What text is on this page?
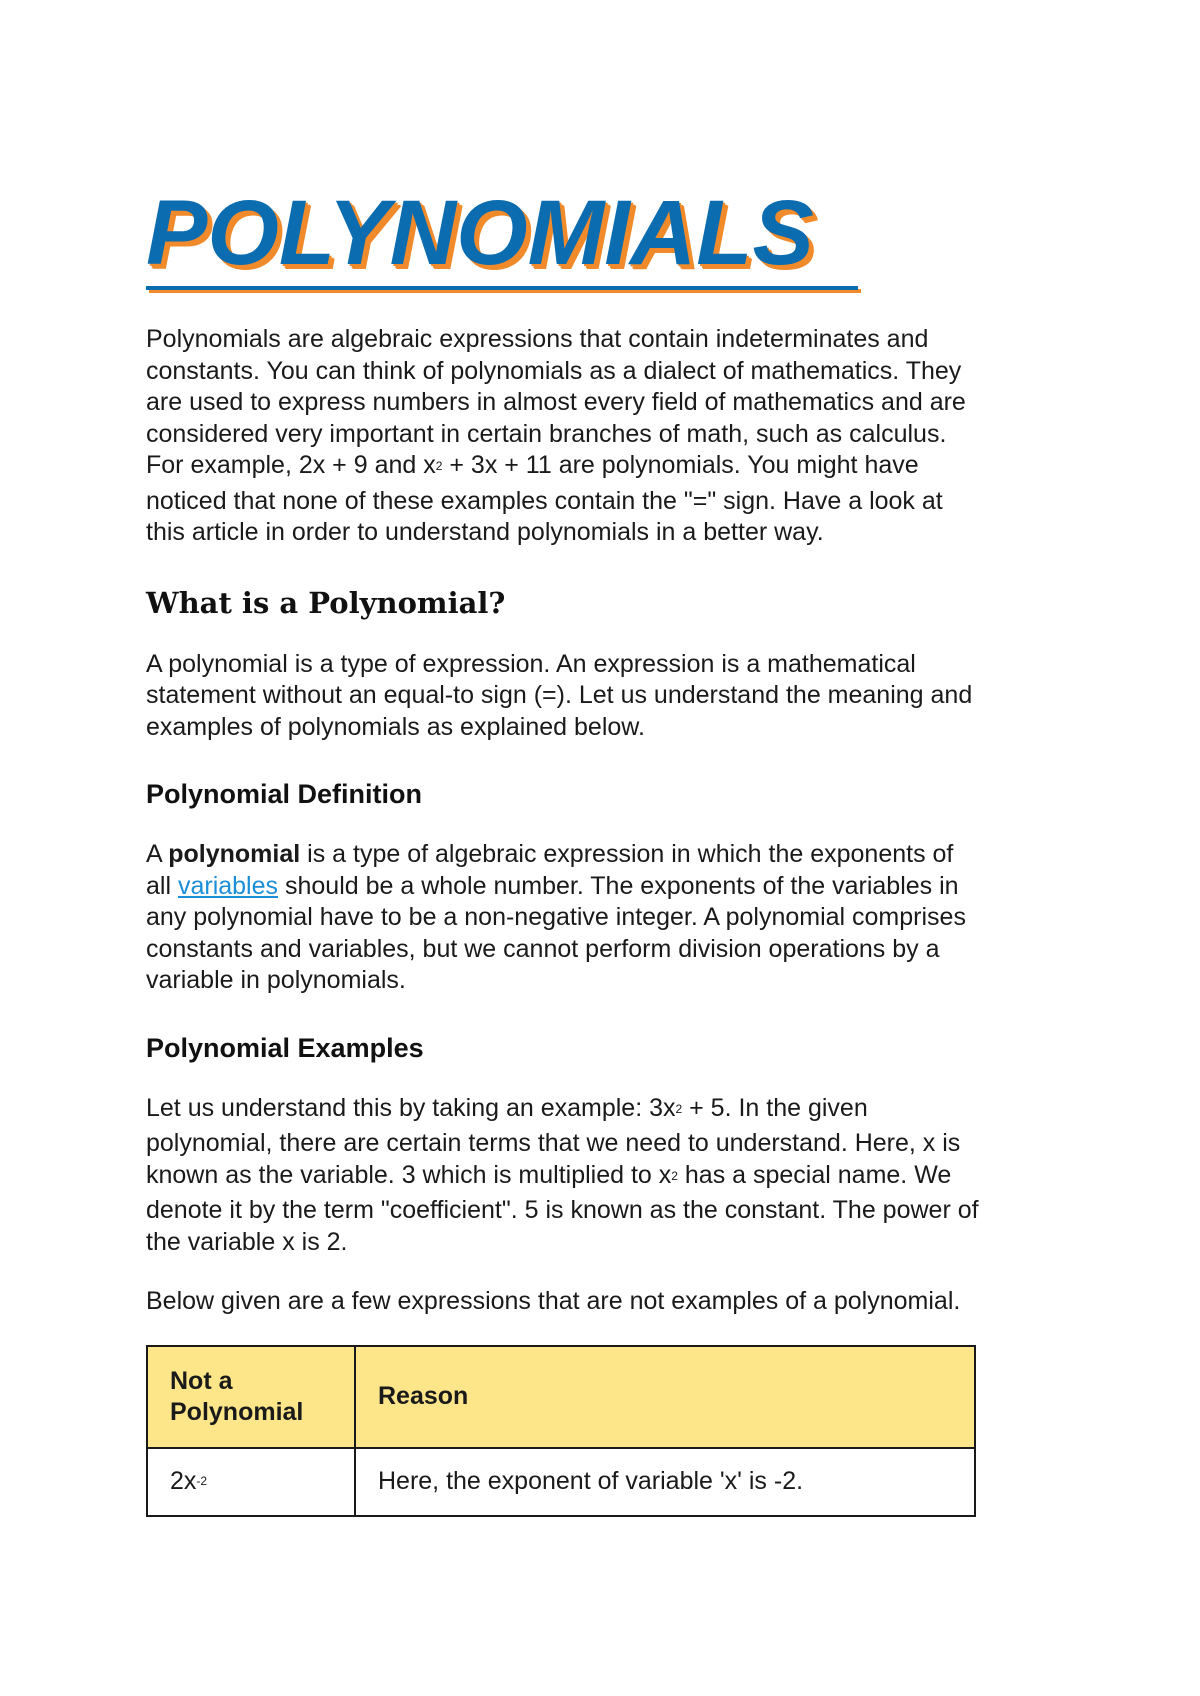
POLYNOMIALS

Polynomials are algebraic expressions that contain indeterminates and

constants. You can think of polynomials as a dialect of mathematics. They

are used to express numbers in almost every field of mathematics and are

considered very important in certain branches of math, such as calculus.

For example, 2x + 9 and x2 + 3x + 11 are polynomials. You might have

noticed that none of these examples contain the "=" sign. Have a look at

this article in order to understand polynomials in a better way.

What is a Polynomial?

A polynomial is a type of expression. An expression is a mathematical

statement without an equal-to sign (=). Let us understand the meaning and

examples of polynomials as explained below.

Polynomial Definition

A polynomial is a type of algebraic expression in which the exponents of

all variables should be a whole number. The exponents of the variables in

any polynomial have to be a non-negative integer. A polynomial comprises

constants and variables, but we cannot perform division operations by a

variable in polynomials.

Polynomial Examples

Let us understand this by taking an example: 3x2 + 5. In the given

polynomial, there are certain terms that we need to understand. Here, x is

known as the variable. 3 which is multiplied to x2 has a special name. We

denote it by the term "coefficient". 5 is known as the constant. The power of

the variable x is 2.

Below given are a few expressions that are not examples of a polynomial.

Not a
Polynomial	Reason
2x-2	Here, the exponent of variable 'x' is -2.
